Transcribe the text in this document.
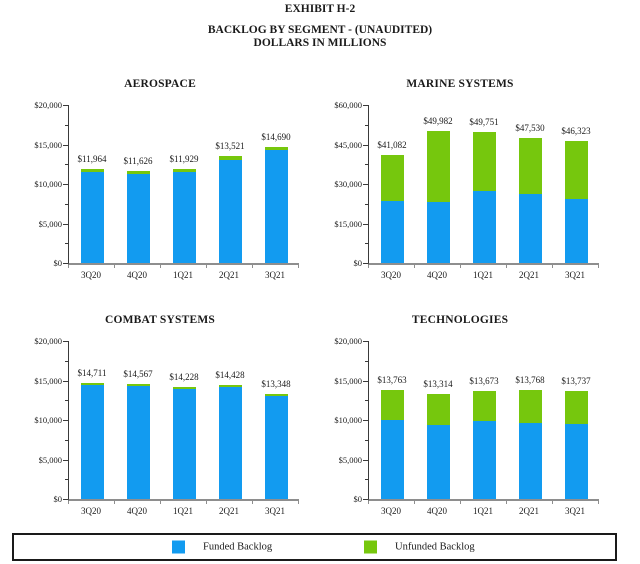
EXHIBIT H-2
BACKLOG BY SEGMENT - (UNAUDITED)
DOLLARS IN MILLIONS
AEROSPACE
$11,964	$11,626	$11,929
$13,521
$14,690
$20,000
$15,000
$10,000
$5,000
$0
3Q20	4Q20	1Q21	2Q21	3Q21
MARINE SYSTEMS
$41,082
$49,982	$49,751
$47,530	$46,323
$60,000
$45,000
$30,000
$15,000
$0
3Q20	4Q20	1Q21	2Q21	3Q21
COMBAT SYSTEMS
$14,711	$14,567	$14,228	$14,428
$13,348
$20,000
$15,000
$10,000
$5,000
$0
3Q20	4Q20	1Q21	2Q21	3Q21
TECHNOLOGIES
$13,763	$13,314	$13,673	$13,768	$13,737
$20,000
$15,000
$10,000
$5,000
$0
3Q20	4Q20	1Q21	2Q21	3Q21
Funded Backlog	Unfunded Backlog
